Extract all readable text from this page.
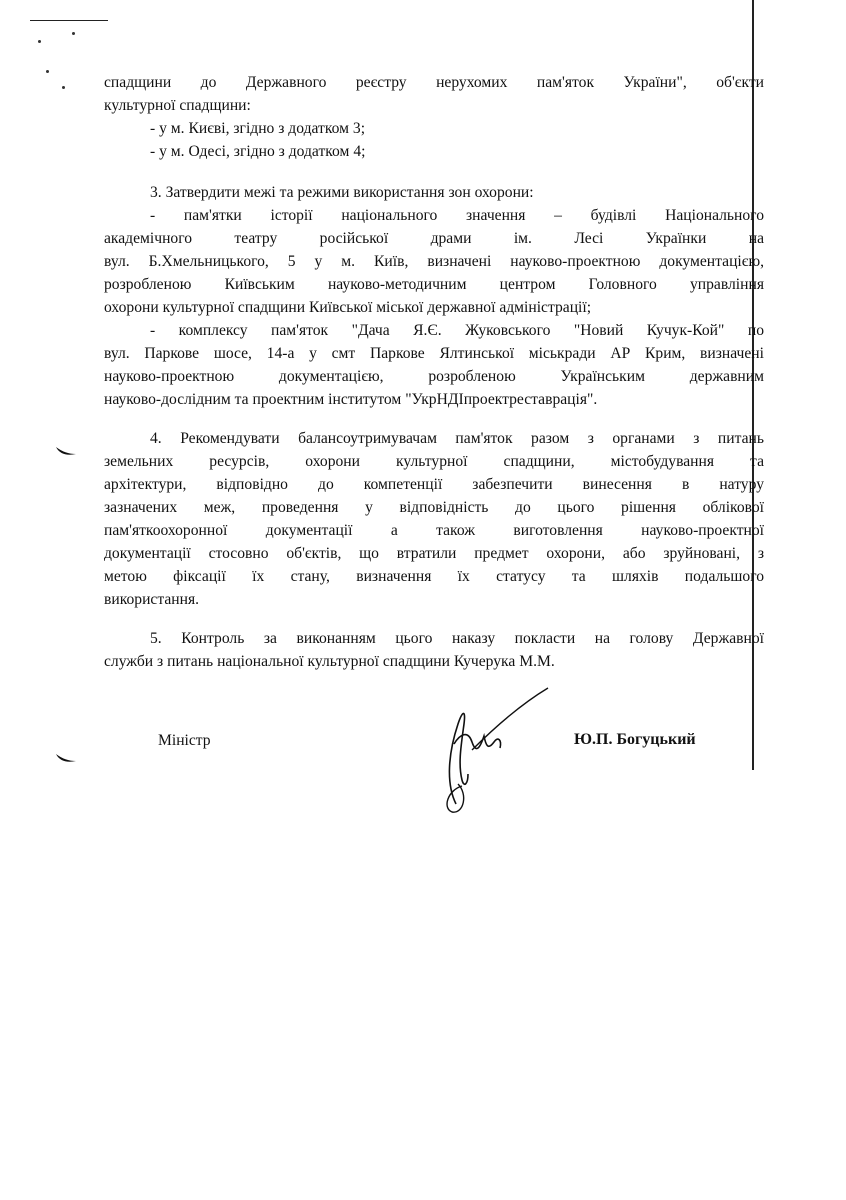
спадщини до Державного реєстру нерухомих пам'яток України", об'єкти
культурної спадщини:
- у м. Києві, згідно з додатком 3;
- у м. Одесі, згідно з додатком 4;
3. Затвердити межі та режими використання зон охорони:
- пам'ятки історії національного значення – будівлі Національного
академічного театру російської драми ім. Лесі Українки на
вул. Б.Хмельницького, 5 у м. Київ, визначені науково-проектною документацією,
розробленою Київським науково-методичним центром Головного управління
охорони культурної спадщини Київської міської державної адміністрації;
- комплексу пам'яток "Дача Я.Є. Жуковського "Новий Кучук-Кой" по
вул. Паркове шосе, 14-а у смт Паркове Ялтинської міськради АР Крим, визначені
науково-проектною документацією, розробленою Українським державним
науково-дослідним та проектним інститутом "УкрНДІпроектреставрація".
4. Рекомендувати балансоутримувачам пам'яток разом з органами з питань
земельних ресурсів, охорони культурної спадщини, містобудування та
архітектури, відповідно до компетенції забезпечити винесення в натуру
зазначених меж, проведення у відповідність до цього рішення облікової
пам'яткоохоронної документації а також виготовлення науково-проектної
документації стосовно об'єктів, що втратили предмет охорони, або зруйновані, з
метою фіксації їх стану, визначення їх статусу та шляхів подальшого
використання.
5. Контроль за виконанням цього наказу покласти на голову Державної
служби з питань національної культурної спадщини Кучерука М.М.
Міністр	Ю.П. Богуцький
